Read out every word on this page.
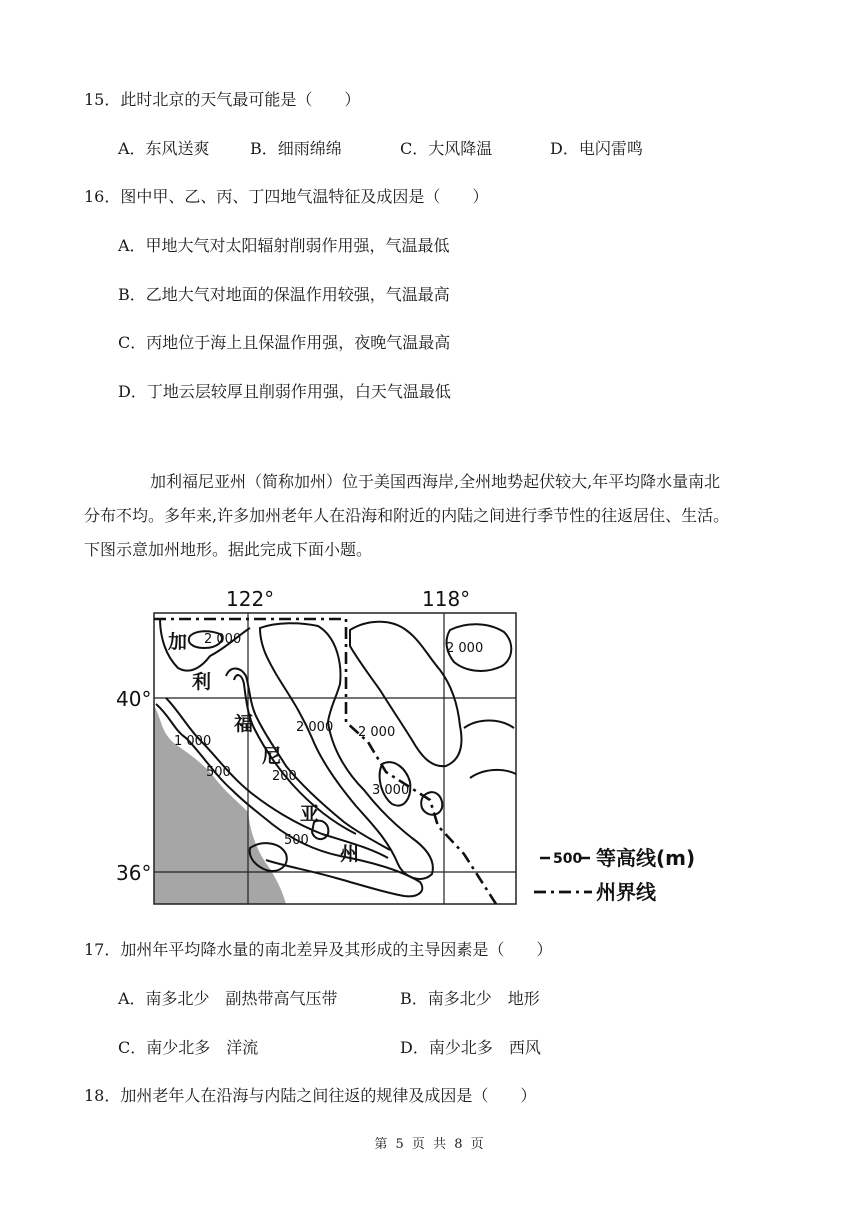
15．此时北京的天气最可能是（　　）
A．东风送爽	B．细雨绵绵	C．大风降温	D．电闪雷鸣
16．图中甲、乙、丙、丁四地气温特征及成因是（　　）
A．甲地大气对太阳辐射削弱作用强，气温最低
B．乙地大气对地面的保温作用较强，气温最高
C．丙地位于海上且保温作用强，夜晚气温最高
D．丁地云层较厚且削弱作用强，白天气温最低
加利福尼亚州（简称加州）位于美国西海岸,全州地势起伏较大,年平均降水量南北
分布不均。多年来,许多加州老年人在沿海和附近的内陆之间进行季节性的往返居住、生活。
下图示意加州地形。据此完成下面小题。
122°	118°
40°
36°
加
利
福
尼
亚
州
2 000
2 000 2 000
2 000
1 000
500	200
3 000
500
500 等高线(m)
州界线
17．加州年平均降水量的南北差异及其形成的主导因素是（　　）
A．南多北少　副热带高气压带	B．南多北少　地形
C．南少北多　洋流	D．南少北多　西风
18．加州老年人在沿海与内陆之间往返的规律及成因是（　　）
第 5 页 共 8 页
